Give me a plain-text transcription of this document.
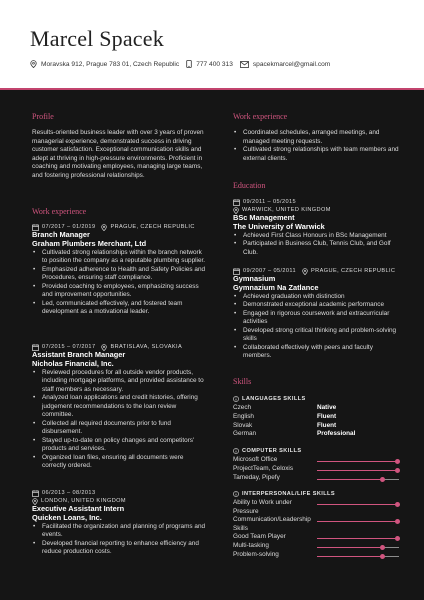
Marcel Spacek
Moravska 912, Prague 783 01, Czech Republic	777 400 313	spacekmarcel@gmail.com
Profile
Results-oriented business leader with over 3 years of proven managerial experience, demonstrated success in driving customer satisfaction. Exceptional communication skills and adept at thriving in high-pressure environments. Proficient in coaching and motivating employees, managing large teams, and fostering professional relationships.
Work experience
07/2017 – 01/2019	PRAGUE, CZECH REPUBLIC
Branch Manager
Graham Plumbers Merchant, Ltd
• Cultivated strong relationships within the branch network to position the company as a reputable plumbing supplier.
• Emphasized adherence to Health and Safety Policies and Procedures, ensuring staff compliance.
• Provided coaching to employees, emphasizing success and improvement opportunities.
• Led, communicated effectively, and fostered team development as a motivational leader.
07/2015 – 07/2017	BRATISLAVA, SLOVAKIA
Assistant Branch Manager
Nicholas Financial, Inc.
• Reviewed procedures for all outside vendor products, including mortgage platforms, and provided assistance to staff members as necessary.
• Analyzed loan applications and credit histories, offering judgement recommendations to the loan review committee.
• Collected all required documents prior to fund disbursement.
• Stayed up-to-date on policy changes and competitors' products and services.
• Organized loan files, ensuring all documents were correctly ordered.
06/2013 – 08/2013
LONDON, UNITED KINGDOM
Executive Assistant Intern
Quicken Loans, Inc.
• Facilitated the organization and planning of programs and events.
• Developed financial reporting to enhance efficiency and reduce production costs.
Work experience
• Coordinated schedules, arranged meetings, and managed meeting requests.
• Cultivated strong relationships with team members and external clients.
Education
09/2011 – 05/2015
WARWICK, UNITED KINGDOM
BSc Management
The University of Warwick
• Achieved First Class Honours in BSc Management
• Participated in Business Club, Tennis Club, and Golf Club.
09/2007 – 05/2011	PRAGUE, CZECH REPUBLIC
Gymnasium
Gymnazium Na Zatlance
• Achieved graduation with distinction
• Demonstrated exceptional academic performance
• Engaged in rigorous coursework and extracurricular activities
• Developed strong critical thinking and problem-solving skills
• Collaborated effectively with peers and faculty members.
Skills
LANGUAGES SKILLS
Czech	Native
English	Fluent
Slovak	Fluent
German	Professional
COMPUTER SKILLS
Microsoft Office
ProjectTeam, Celoxis
Tameday, Pipefy
INTERPERSONAL/LIFE SKILLS
Ability to Work under Pressure
Communication/Leadership Skills
Good Team Player
Multi-tasking
Problem-solving
